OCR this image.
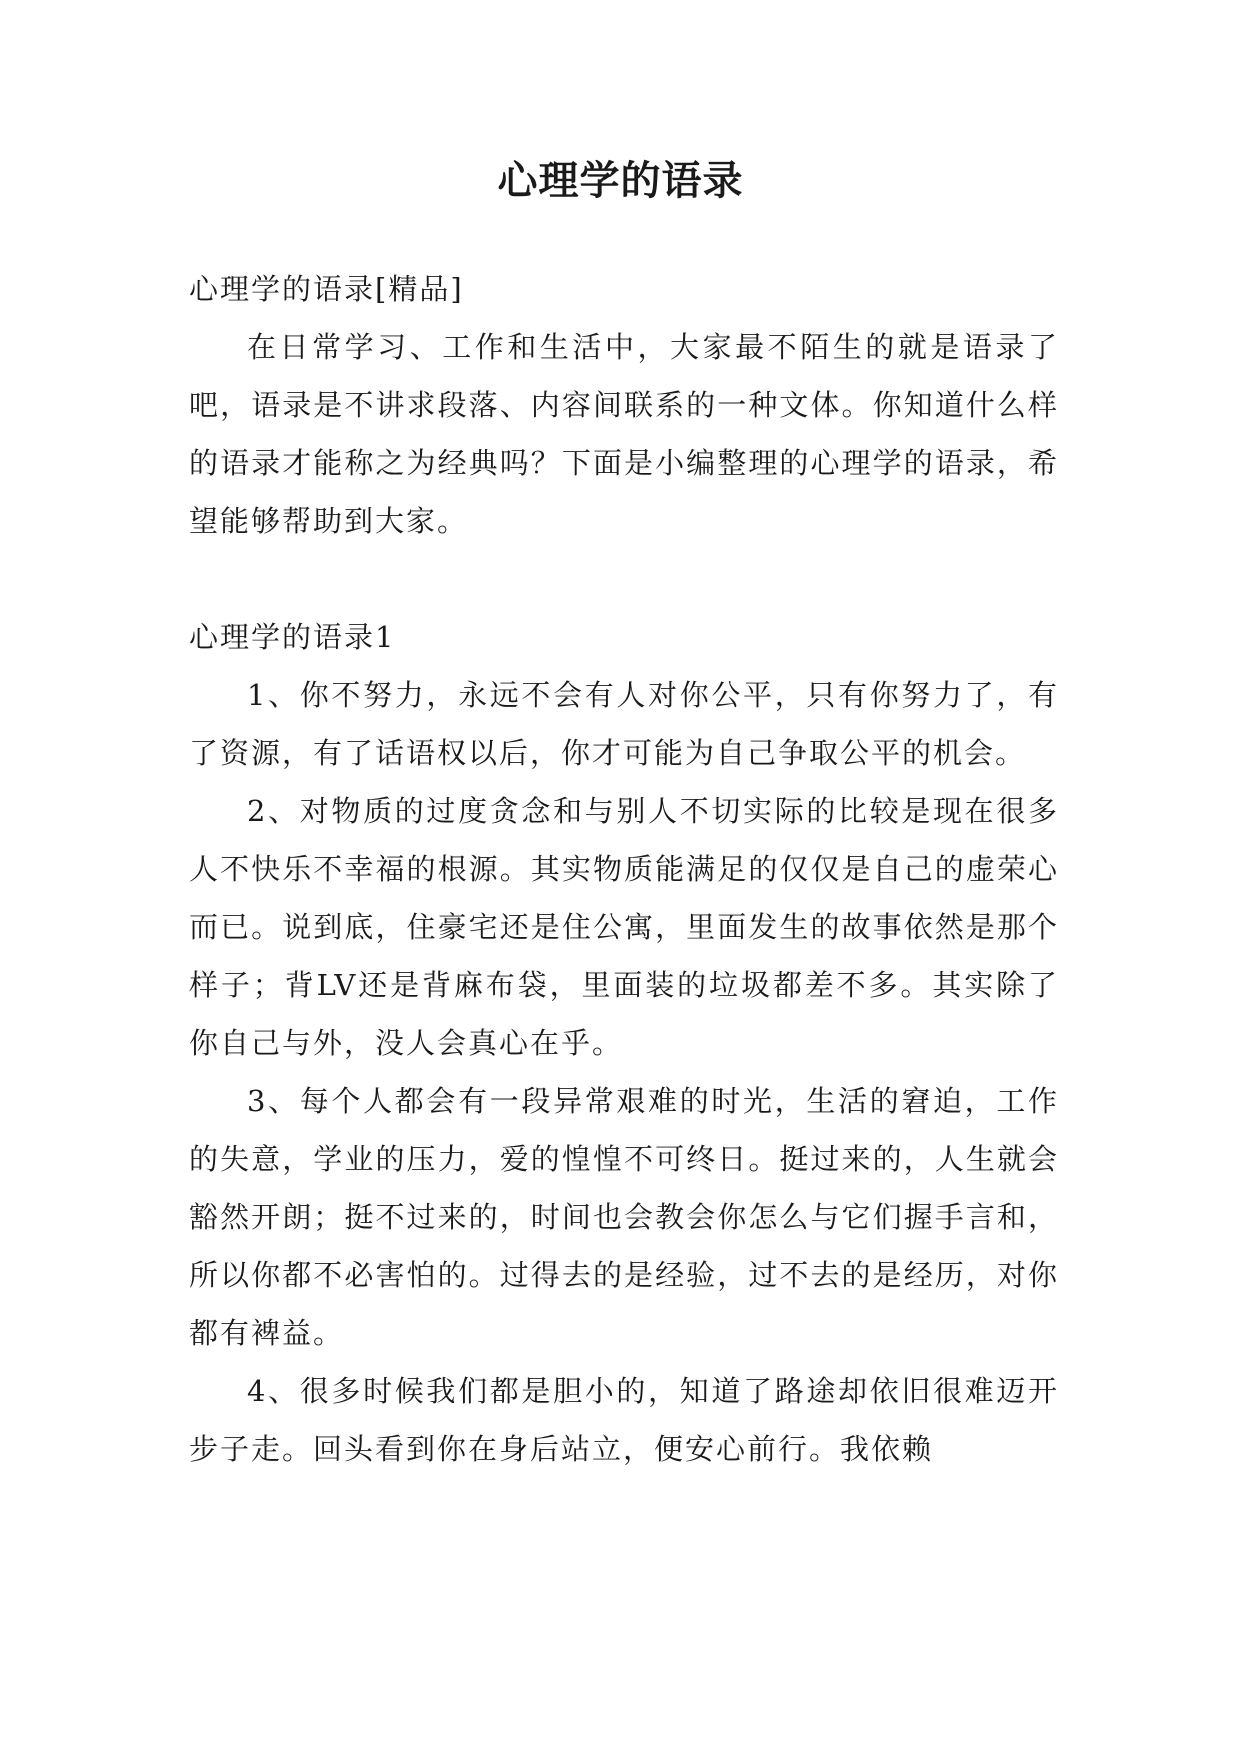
心理学的语录

心理学的语录[精品]

在日常学习、工作和生活中，大家最不陌生的就是语录了吧，语录是不讲求段落、内容间联系的一种文体。你知道什么样的语录才能称之为经典吗？下面是小编整理的心理学的语录，希望能够帮助到大家。

心理学的语录1

1、你不努力，永远不会有人对你公平，只有你努力了，有了资源，有了话语权以后，你才可能为自己争取公平的机会。

2、对物质的过度贪念和与别人不切实际的比较是现在很多人不快乐不幸福的根源。其实物质能满足的仅仅是自己的虚荣心而已。说到底，住豪宅还是住公寓，里面发生的故事依然是那个样子；背LV还是背麻布袋，里面装的垃圾都差不多。其实除了你自己与外，没人会真心在乎。

3、每个人都会有一段异常艰难的时光，生活的窘迫，工作的失意，学业的压力，爱的惶惶不可终日。挺过来的，人生就会豁然开朗；挺不过来的，时间也会教会你怎么与它们握手言和，所以你都不必害怕的。过得去的是经验，过不去的是经历，对你都有裨益。

4、很多时候我们都是胆小的，知道了路途却依旧很难迈开步子走。回头看到你在身后站立，便安心前行。我依赖
